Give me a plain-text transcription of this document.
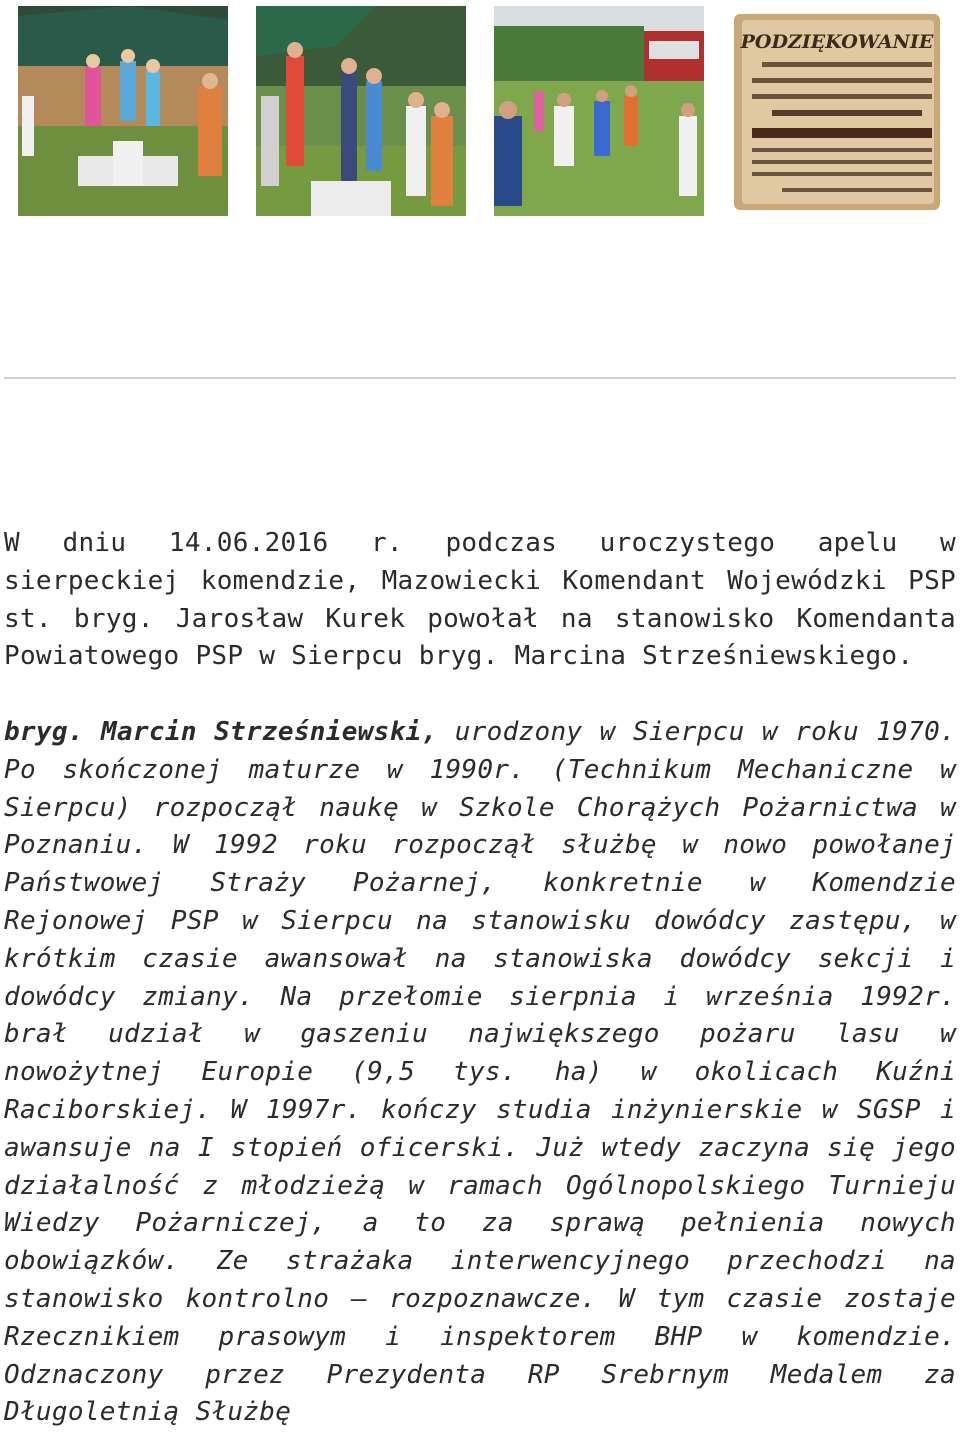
PODZIĘKOWANIE

W dniu 14.06.2016 r. podczas uroczystego apelu w sierpeckiej komendzie, Mazowiecki Komendant Wojewódzki PSP st. bryg. Jarosław Kurek powołał na stanowisko Komendanta Powiatowego PSP w Sierpcu bryg. Marcina Strześniewskiego.

bryg. Marcin Strześniewski, urodzony w Sierpcu w roku 1970. Po skończonej maturze w 1990r. (Technikum Mechaniczne w Sierpcu) rozpoczął naukę w Szkole Chorążych Pożarnictwa w Poznaniu. W 1992 roku rozpoczął służbę w nowo powołanej Państwowej Straży Pożarnej, konkretnie w Komendzie Rejonowej PSP w Sierpcu na stanowisku dowódcy zastępu, w krótkim czasie awansował na stanowiska dowódcy sekcji i dowódcy zmiany. Na przełomie sierpnia i września 1992r. brał udział w gaszeniu największego pożaru lasu w nowożytnej Europie (9,5 tys. ha) w okolicach Kuźni Raciborskiej. W 1997r. kończy studia inżynierskie w SGSP i awansuje na I stopień oficerski. Już wtedy zaczyna się jego działalność z młodzieżą w ramach Ogólnopolskiego Turnieju Wiedzy Pożarniczej, a to za sprawą pełnienia nowych obowiązków. Ze strażaka interwencyjnego przechodzi na stanowisko kontrolno – rozpoznawcze. W tym czasie zostaje Rzecznikiem prasowym i inspektorem BHP w komendzie. Odznaczony przez Prezydenta RP Srebrnym Medalem za Długoletnią Służbę
